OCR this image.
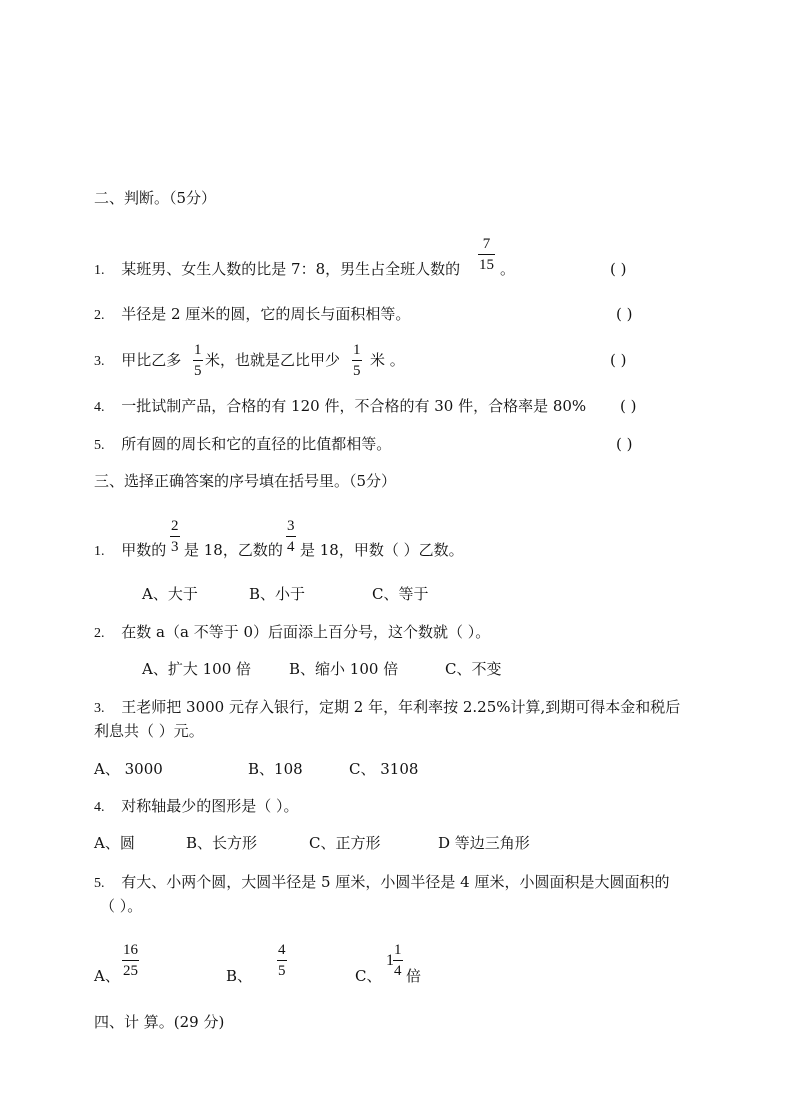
二、判断。（5分）
1. 某班男、女生人数的比是 7：8，男生占全班人数的
7
15 。	( )
2. 半径是 2 厘米的圆，它的周长与面积相等。	( )
3. 甲比乙多
1
5
米，也就是乙比甲少
1
5
米 。	( )
4. 一批试制产品，合格的有 120 件，不合格的有 30 件，合格率是 80% ( )
5. 所有圆的周长和它的直径的比值都相等。	( )
三、选择正确答案的序号填在括号里。（5分）
1. 甲数的
2
3 是 18，乙数的
3
4 是 18，甲数（ ）乙数。
A、大于	B、小于	C、等于
2. 在数 a（a 不等于 0）后面添上百分号，这个数就（ ）。
A、扩大 100 倍	B、缩小 100 倍	C、不变
3. 王老师把 3000 元存入银行，定期 2 年，年利率按 2.25%计算,到期可得本金和税后
利息共（ ）元。
A、 3000	B、108	C、 3108
4. 对称轴最少的图形是（ ）。
A、圆	B、长方形	C、正方形	D 等边三角形
5. 有大、小两个圆，大圆半径是 5 厘米，小圆半径是 4 厘米，小圆面积是大圆面积的
（ ）。
A、
16
25	B、
4
5	C、
1
1
4 倍
四、计 算。(29 分)
